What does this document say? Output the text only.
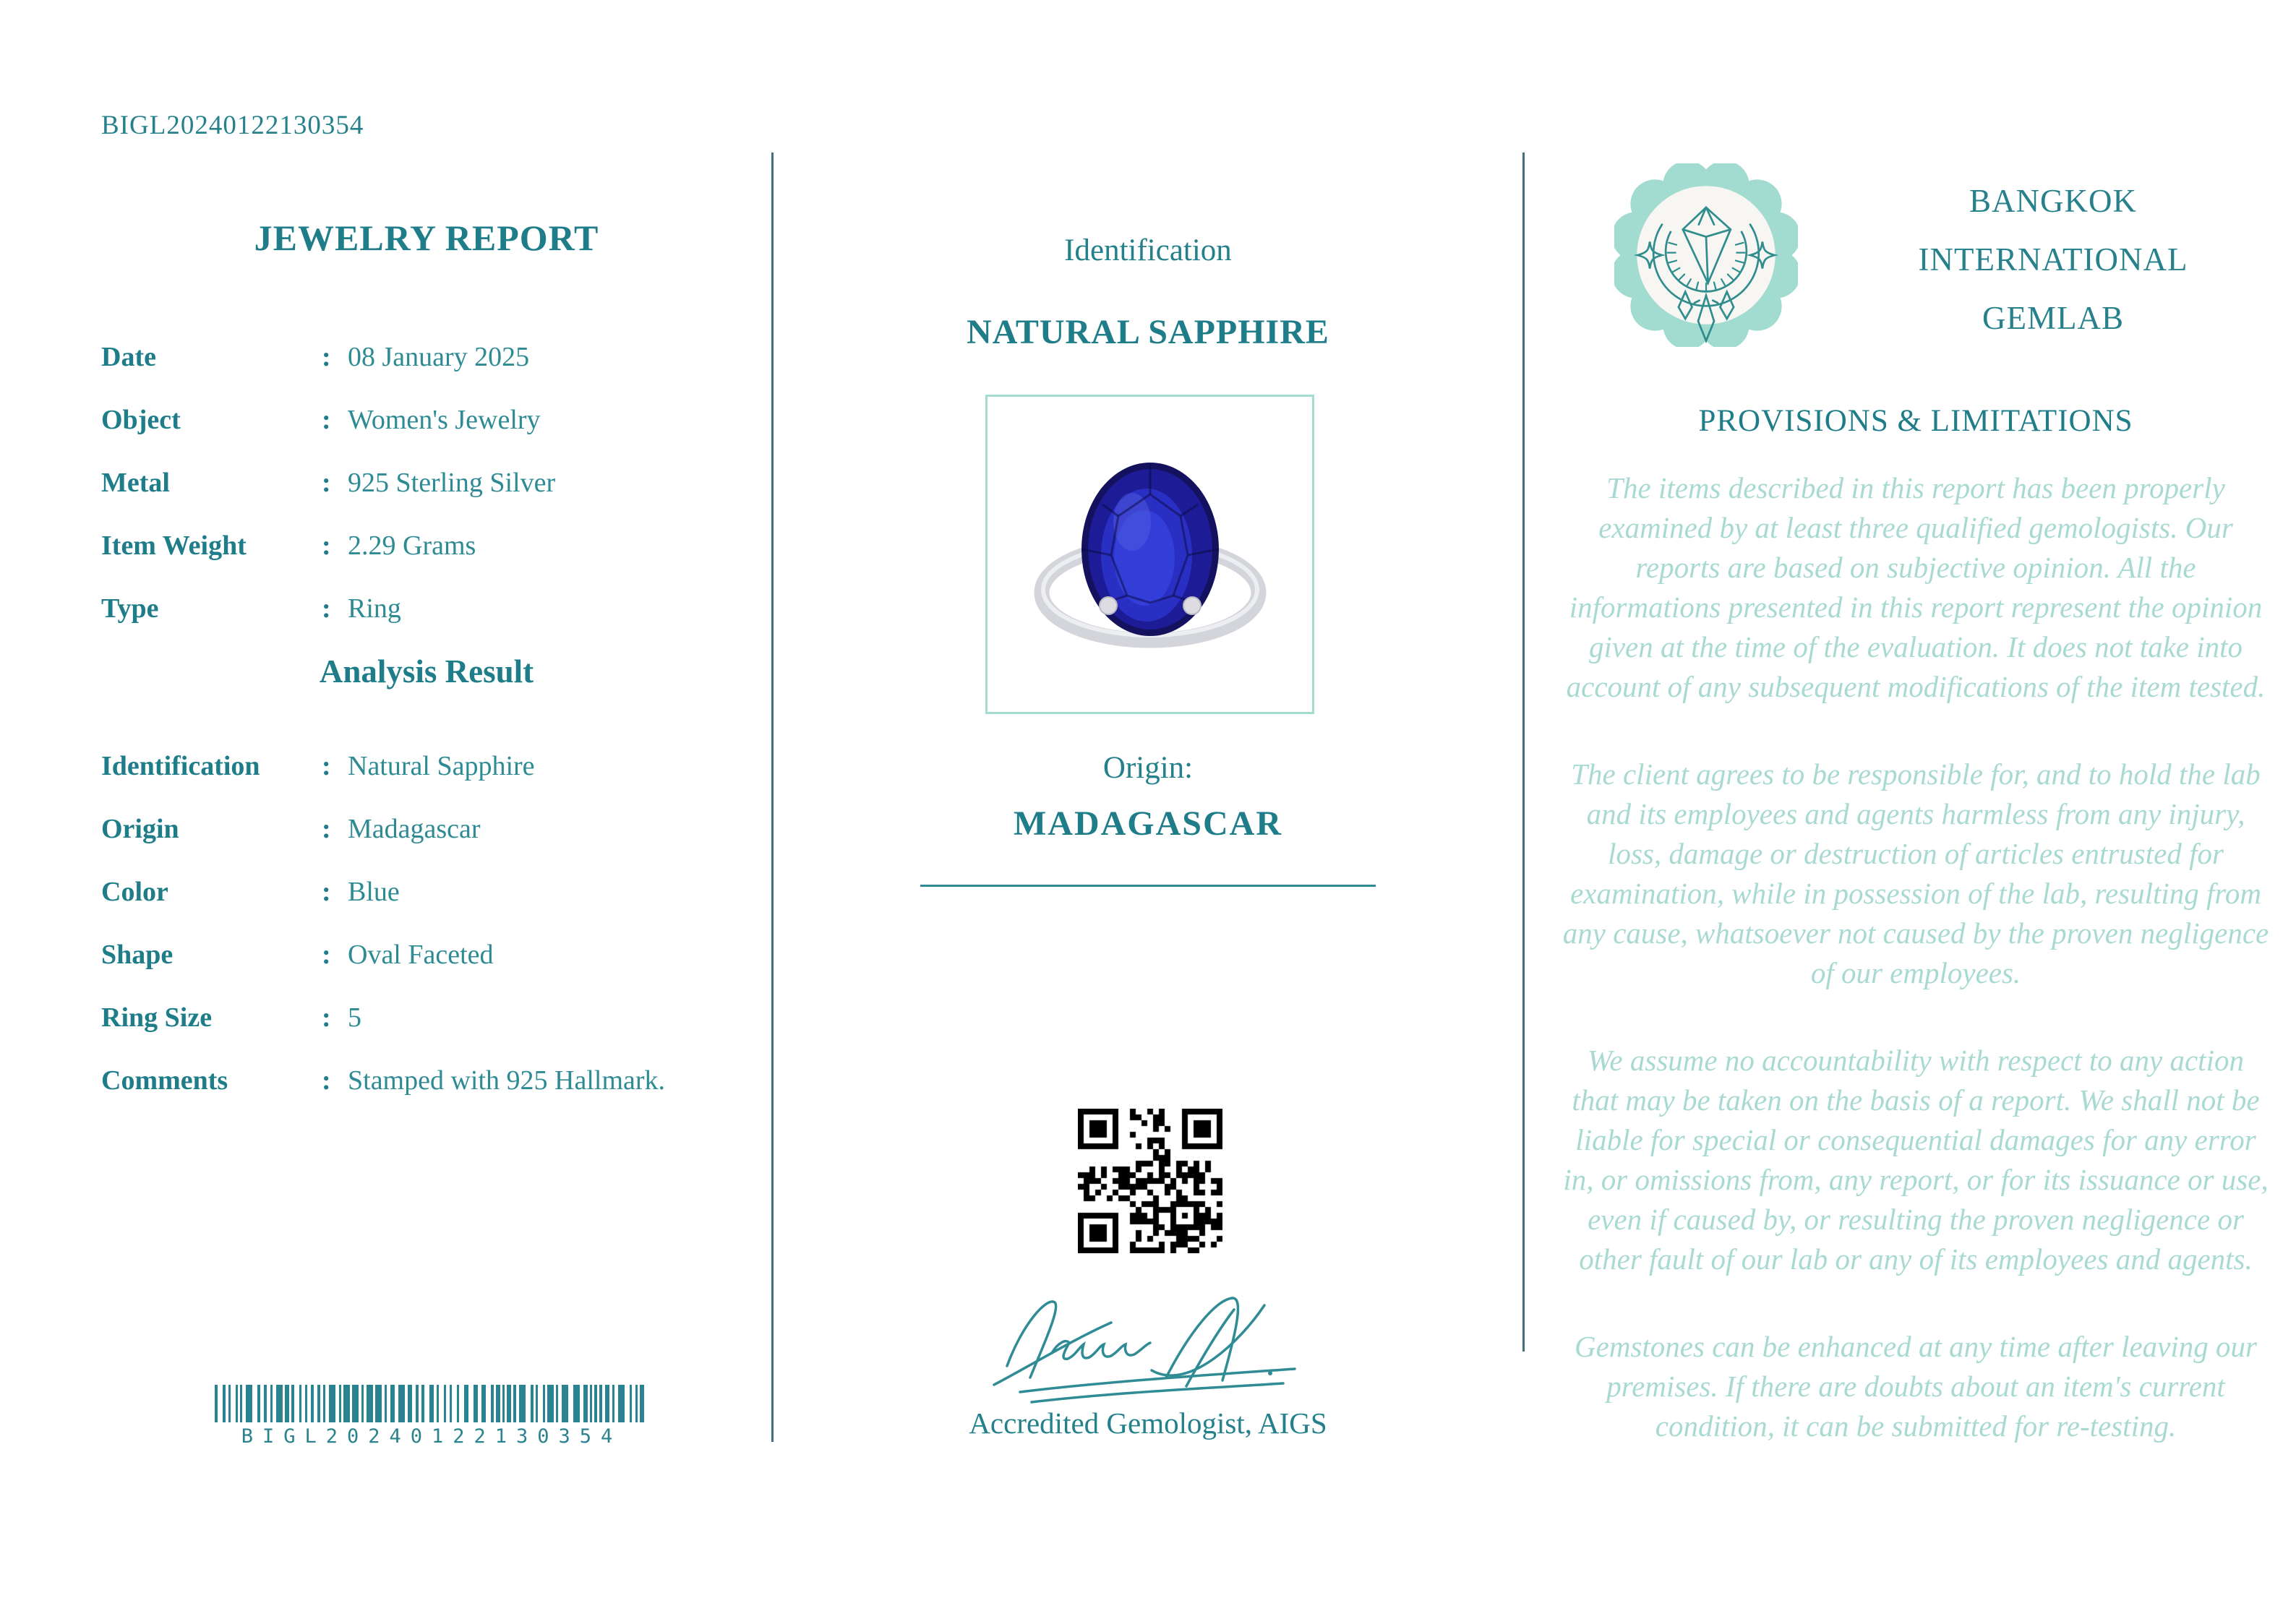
BIGL20240122130354
JEWELRY REPORT
Date	: 08 January 2025
Object	: Women's Jewelry
Metal	: 925 Sterling Silver
Item Weight	: 2.29 Grams
Type	: Ring
Analysis Result
Identification	: Natural Sapphire
Origin	: Madagascar
Color	: Blue
Shape	: Oval Faceted
Ring Size	: 5
Comments	: Stamped with 925 Hallmark.
BIGL20240122130354
Identification
NATURAL SAPPHIRE
Origin:
MADAGASCAR
Accredited Gemologist, AIGS
BANGKOK
INTERNATIONAL
GEMLAB
PROVISIONS & LIMITATIONS

The items described in this report has been properly examined by at least three qualified gemologists. Our reports are based on subjective opinion. All the informations presented in this report represent the opinion given at the time of the evaluation. It does not take into account of any subsequent modifications of the item tested.

The client agrees to be responsible for, and to hold the lab and its employees and agents harmless from any injury, loss, damage or destruction of articles entrusted for examination, while in possession of the lab, resulting from any cause, whatsoever not caused by the proven negligence of our employees.

We assume no accountability with respect to any action that may be taken on the basis of a report. We shall not be liable for special or consequential damages for any error in, or omissions from, any report, or for its issuance or use, even if caused by, or resulting the proven negligence or other fault of our lab or any of its employees and agents.

Gemstones can be enhanced at any time after leaving our premises. If there are doubts about an item's current condition, it can be submitted for re-testing.
